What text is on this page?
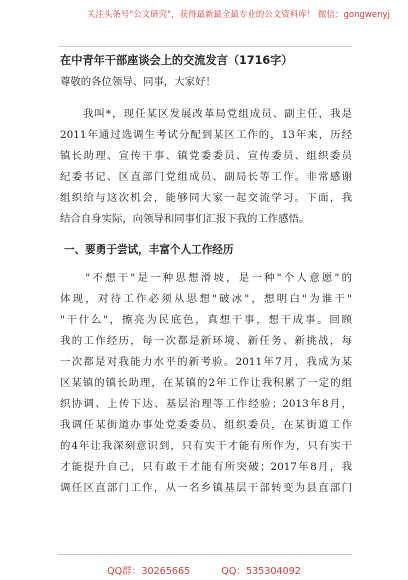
关注头条号"公文研究"，获得最新最全最专业的公文资料库！ 微信：gongwenyj
在中青年干部座谈会上的交流发言（1716字）
尊敬的各位领导、同事，大家好！
　　我叫*，现任某区发展改革局党组成员、副主任，我是
2011年通过选调生考试分配到某区工作的，13年来，历经
镇长助理、宣传干事、镇党委委员、宣传委员、组织委员
纪委书记、区直部门党组成员、副局长等工作。非常感谢
组织给与这次机会，能够同大家一起交流学习。下面，我
结合自身实际，向领导和同事们汇报下我的工作感悟。
一、要勇于尝试，丰富个人工作经历
　　"不想干"是一种思想滑坡，是一种"个人意愿"的
体现，对待工作必须从思想"破冰"，想明白"为谁干"
"干什么"，擦亮为民底色，真想干事，想干成事。回顾
我的工作经历，每一次都是新环境、新任务、新挑战，每
一次都是对我能力水平的新考验。2011年7月，我成为某
区某镇的镇长助理，在某镇的2年工作让我积累了一定的组
织协调、上传下达、基层治理等工作经验；2013年8月，
我调任某街道办事处党委委员、组织委员，在某街道工作
的4年让我深刻意识到，只有实干才能有所作为，只有实干
才能提升自己，只有敢干才能有所突破；2017年8月，我
调任区直部门工作，从一名乡镇基层干部转变为县直部门
QQ群：30265665	QQ：535304092
